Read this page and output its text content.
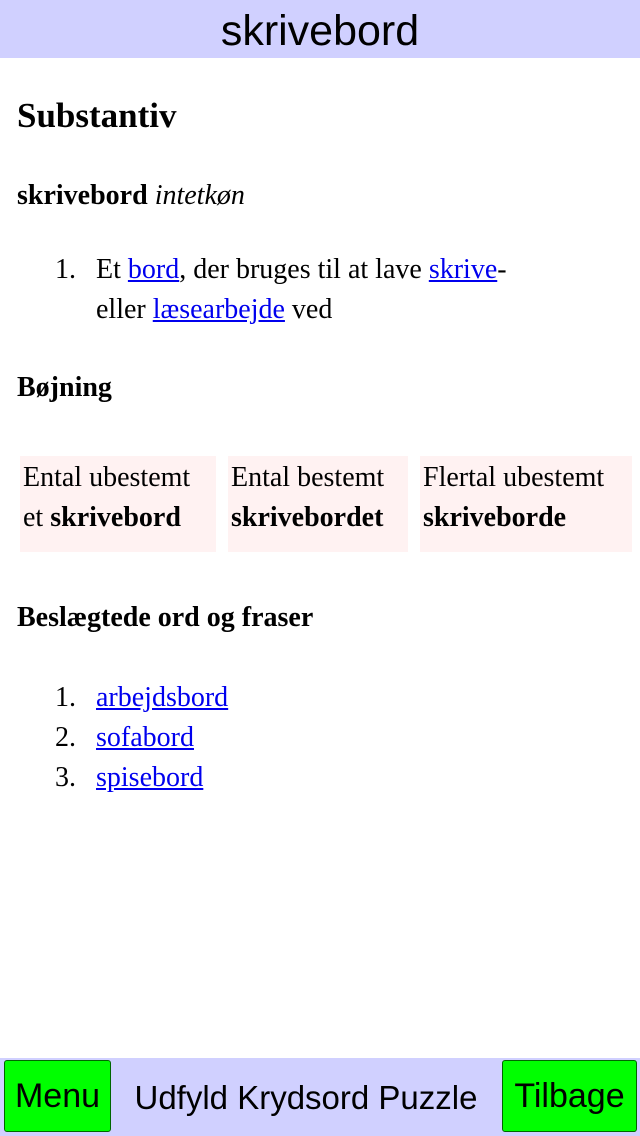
skrivebord
Substantiv
skrivebord intetkøn
1. Et bord, der bruges til at lave skrive-
eller læsearbejde ved
Bøjning
Ental ubestemt
et skrivebord
Ental bestemt
skrivebordet
Flertal ubestemt
skriveborde
Beslægtede ord og fraser
1. arbejdsbord
2. sofabord
3. spisebord
Menu	Udfyld Krydsord Puzzle	Tilbage
